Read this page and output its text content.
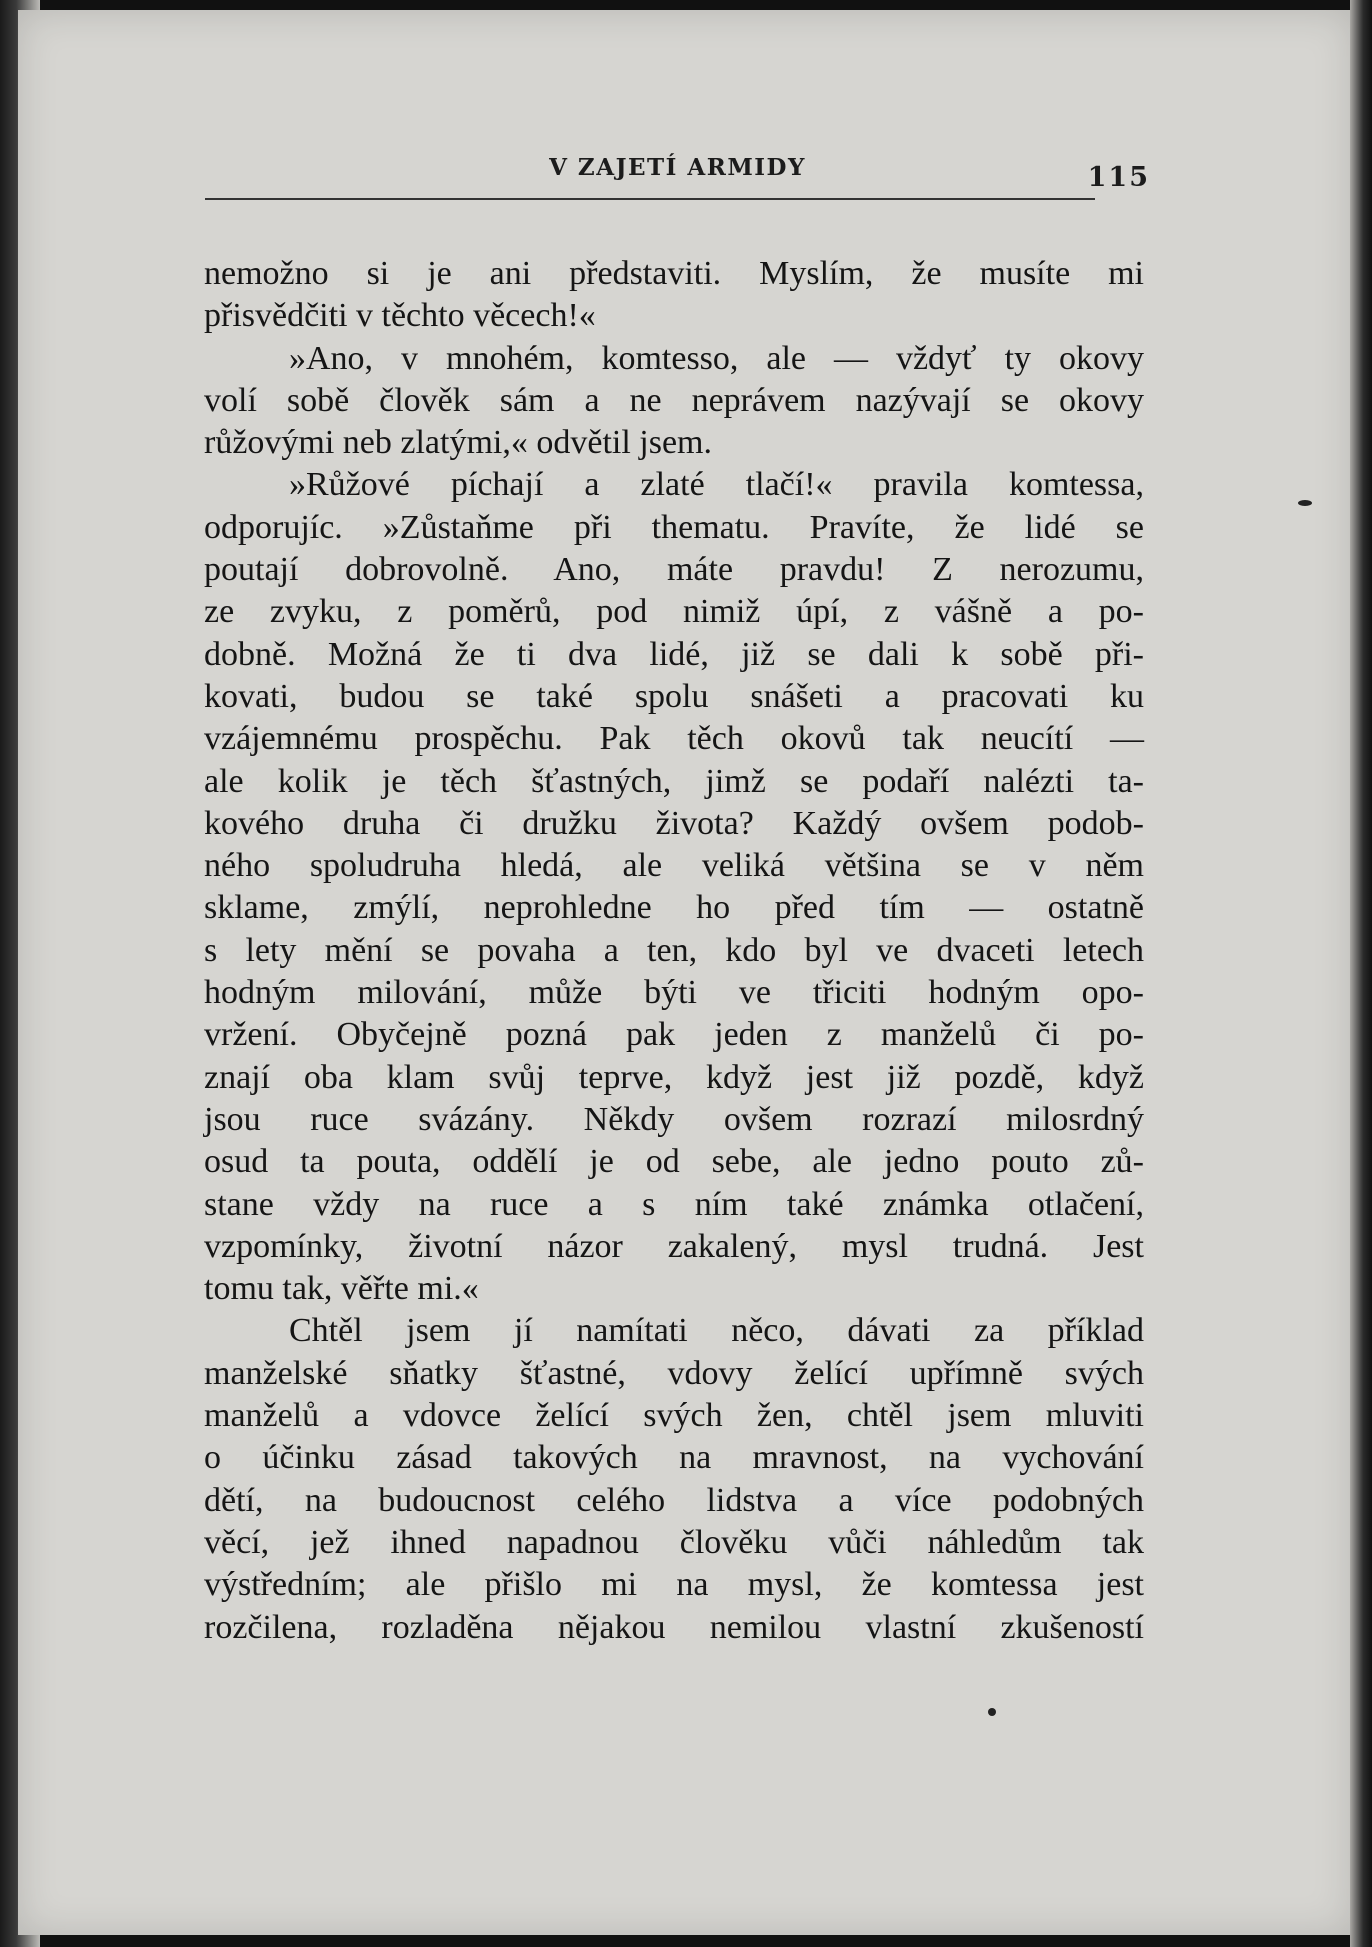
V ZAJETÍ ARMIDY	115
nemožno si je ani představiti. Myslím, že musíte mi
přisvědčiti v těchto věcech!«
»Ano, v mnohém, komtesso, ale — vždyť ty okovy
volí sobě člověk sám a ne neprávem nazývají se okovy
růžovými neb zlatými,« odvětil jsem.
»Růžové píchají a zlaté tlačí!« pravila komtessa,
odporujíc. »Zůstaňme při thematu. Pravíte, že lidé se
poutají dobrovolně. Ano, máte pravdu! Z nerozumu,
ze zvyku, z poměrů, pod nimiž úpí, z vášně a po-
dobně. Možná že ti dva lidé, již se dali k sobě při-
kovati, budou se také spolu snášeti a pracovati ku
vzájemnému prospěchu. Pak těch okovů tak neucítí —
ale kolik je těch šťastných, jimž se podaří nalézti ta-
kového druha či družku života? Každý ovšem podob-
ného spoludruha hledá, ale veliká většina se v něm
sklame, zmýlí, neprohledne ho před tím — ostatně
s lety mění se povaha a ten, kdo byl ve dvaceti letech
hodným milování, může býti ve třiciti hodným opo-
vržení. Obyčejně pozná pak jeden z manželů či po-
znají oba klam svůj teprve, když jest již pozdě, když
jsou ruce svázány. Někdy ovšem rozrazí milosrdný
osud ta pouta, oddělí je od sebe, ale jedno pouto zů-
stane vždy na ruce a s ním také známka otlačení,
vzpomínky, životní názor zakalený, mysl trudná. Jest
tomu tak, věřte mi.«
Chtěl jsem jí namítati něco, dávati za příklad
manželské sňatky šťastné, vdovy želící upřímně svých
manželů a vdovce želící svých žen, chtěl jsem mluviti
o účinku zásad takových na mravnost, na vychování
dětí, na budoucnost celého lidstva a více podobných
věcí, jež ihned napadnou člověku vůči náhledům tak
výstředním; ale přišlo mi na mysl, že komtessa jest
rozčilena, rozladěna nějakou nemilou vlastní zkušeností
